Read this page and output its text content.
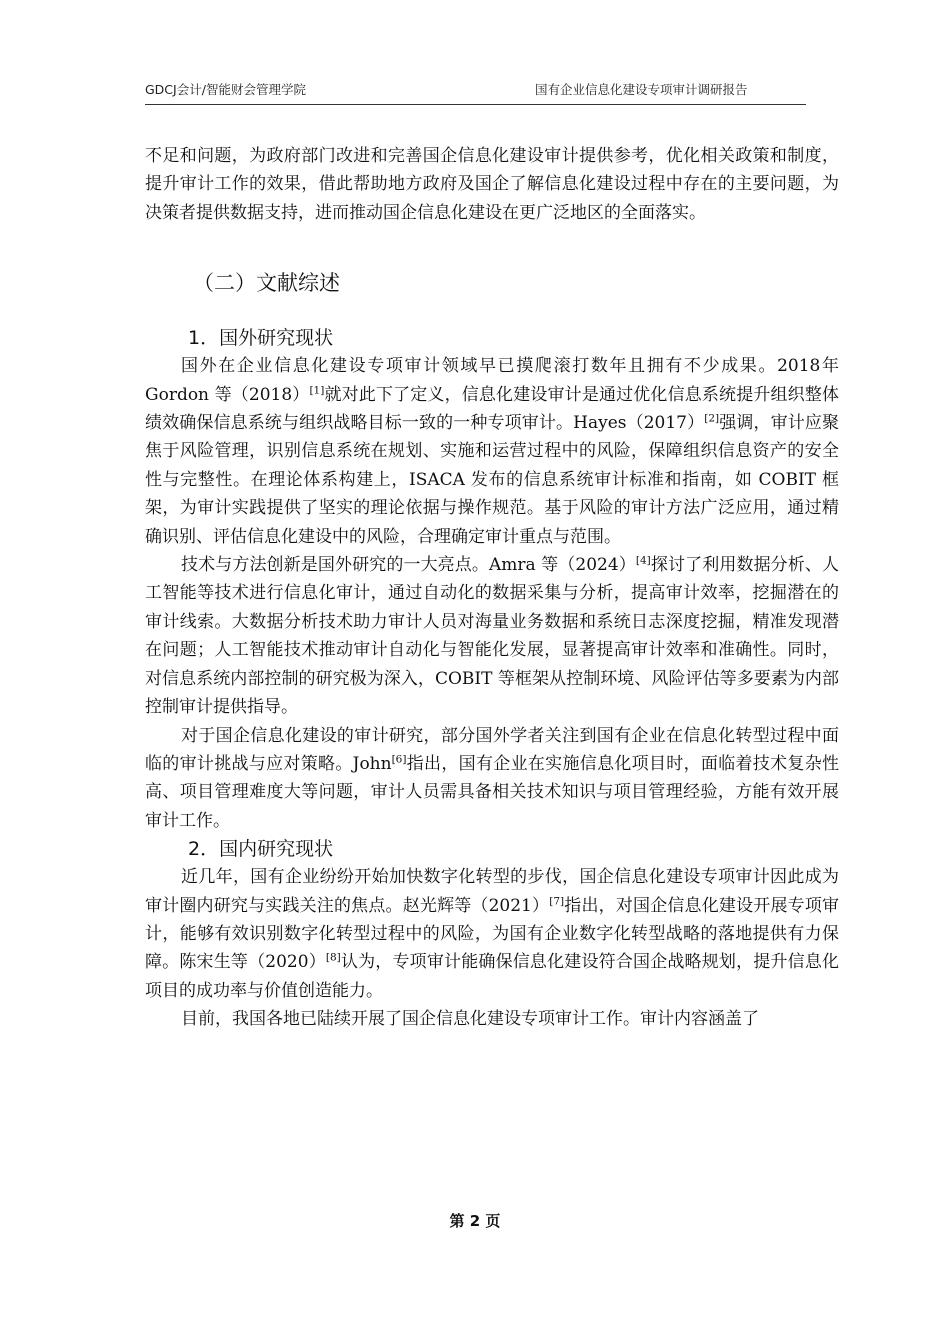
GDCJ会计/智能财会管理学院	国有企业信息化建设专项审计调研报告

不足和问题，为政府部门改进和完善国企信息化建设审计提供参考，优化相关政策和制度，提升审计工作的效果，借此帮助地方政府及国企了解信息化建设过程中存在的主要问题，为决策者提供数据支持，进而推动国企信息化建设在更广泛地区的全面落实。

（二）文献综述
1．国外研究现状

国外在企业信息化建设专项审计领域早已摸爬滚打数年且拥有不少成果。2018年 Gordon 等（2018）[1]就对此下了定义，信息化建设审计是通过优化信息系统提升组织整体绩效确保信息系统与组织战略目标一致的一种专项审计。Hayes（2017）[2]强调，审计应聚焦于风险管理，识别信息系统在规划、实施和运营过程中的风险，保障组织信息资产的安全性与完整性。在理论体系构建上，ISACA 发布的信息系统审计标准和指南，如 COBIT 框架，为审计实践提供了坚实的理论依据与操作规范。基于风险的审计方法广泛应用，通过精确识别、评估信息化建设中的风险，合理确定审计重点与范围。

技术与方法创新是国外研究的一大亮点。Amra 等（2024）[4]探讨了利用数据分析、人工智能等技术进行信息化审计，通过自动化的数据采集与分析，提高审计效率，挖掘潜在的审计线索。大数据分析技术助力审计人员对海量业务数据和系统日志深度挖掘，精准发现潜在问题；人工智能技术推动审计自动化与智能化发展，显著提高审计效率和准确性。同时，对信息系统内部控制的研究极为深入，COBIT 等框架从控制环境、风险评估等多要素为内部控制审计提供指导。

对于国企信息化建设的审计研究，部分国外学者关注到国有企业在信息化转型过程中面临的审计挑战与应对策略。John[6]指出，国有企业在实施信息化项目时，面临着技术复杂性高、项目管理难度大等问题，审计人员需具备相关技术知识与项目管理经验，方能有效开展审计工作。

2．国内研究现状

近几年，国有企业纷纷开始加快数字化转型的步伐，国企信息化建设专项审计因此成为审计圈内研究与实践关注的焦点。赵光辉等（2021）[7]指出，对国企信息化建设开展专项审计，能够有效识别数字化转型过程中的风险，为国有企业数字化转型战略的落地提供有力保障。陈宋生等（2020）[8]认为，专项审计能确保信息化建设符合国企战略规划，提升信息化项目的成功率与价值创造能力。

目前，我国各地已陆续开展了国企信息化建设专项审计工作。审计内容涵盖了

第 2 页
